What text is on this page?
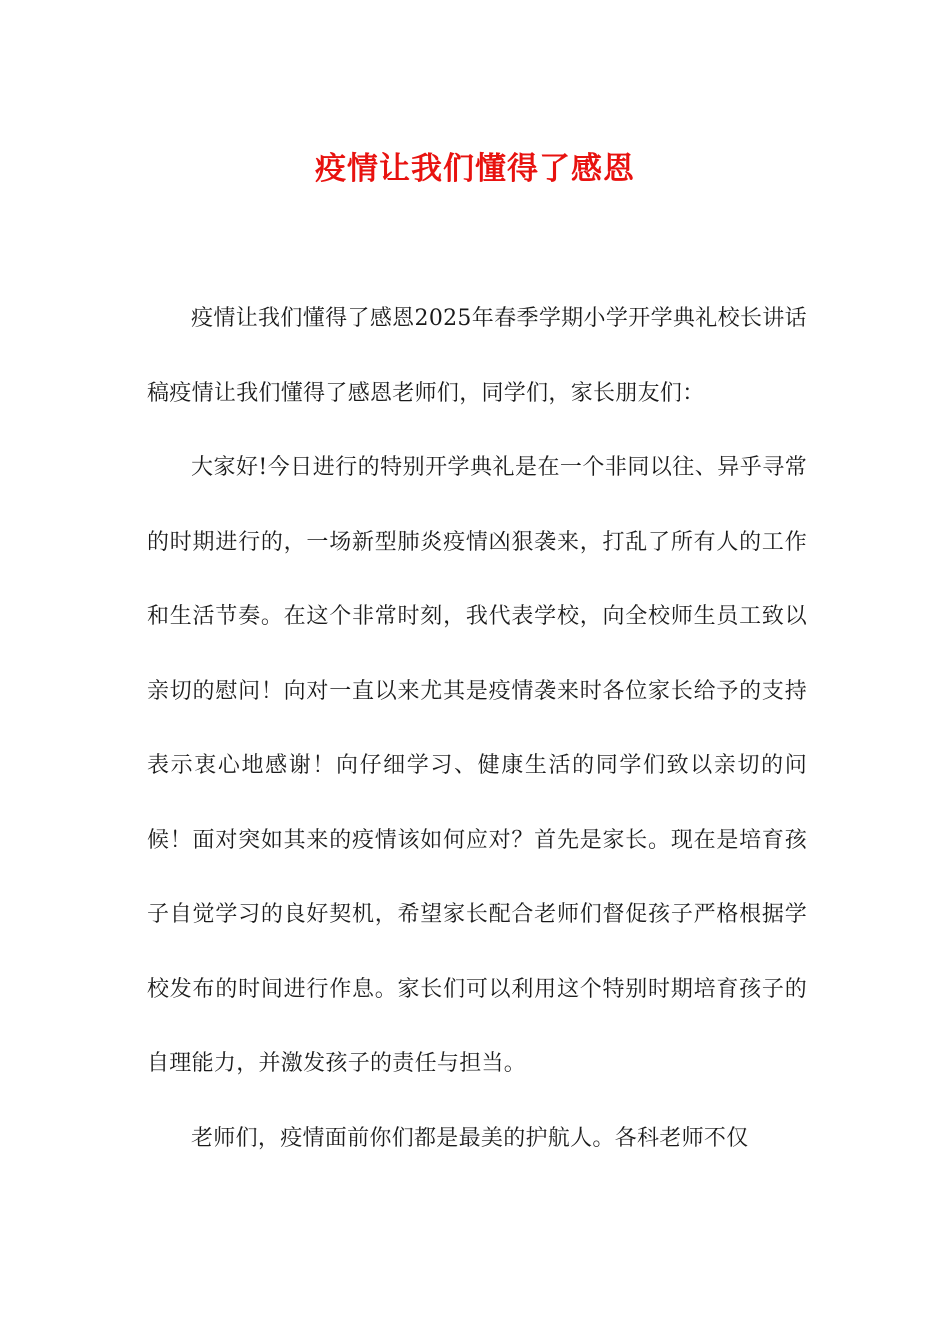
疫情让我们懂得了感恩

疫情让我们懂得了感恩2025年春季学期小学开学典礼校长讲话稿疫情让我们懂得了感恩老师们，同学们，家长朋友们：

大家好!今日进行的特别开学典礼是在一个非同以往、异乎寻常的时期进行的，一场新型肺炎疫情凶狠袭来，打乱了所有人的工作和生活节奏。在这个非常时刻，我代表学校，向全校师生员工致以亲切的慰问！向对一直以来尤其是疫情袭来时各位家长给予的支持表示衷心地感谢！向仔细学习、健康生活的同学们致以亲切的问候！面对突如其来的疫情该如何应对？首先是家长。现在是培育孩子自觉学习的良好契机，希望家长配合老师们督促孩子严格根据学校发布的时间进行作息。家长们可以利用这个特别时期培育孩子的自理能力，并激发孩子的责任与担当。

老师们，疫情面前你们都是最美的护航人。各科老师不仅
